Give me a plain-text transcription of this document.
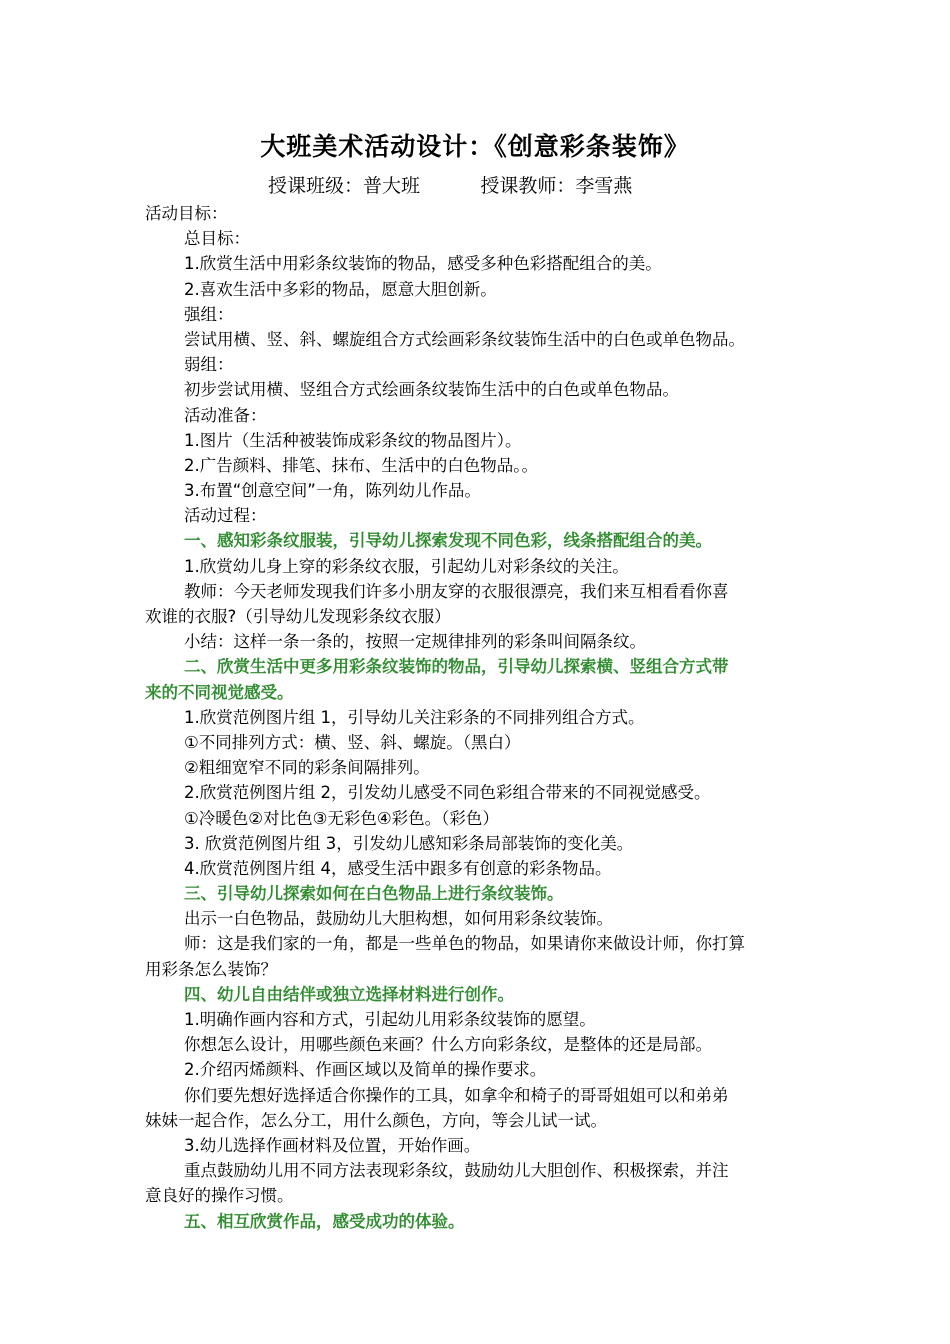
大班美术活动设计：《创意彩条装饰》
授课班级：普大班	授课教师：李雪燕
活动目标：
总目标：
1.欣赏生活中用彩条纹装饰的物品，感受多种色彩搭配组合的美。
2.喜欢生活中多彩的物品，愿意大胆创新。
强组：
尝试用横、竖、斜、螺旋组合方式绘画彩条纹装饰生活中的白色或单色物品。
弱组：
初步尝试用横、竖组合方式绘画条纹装饰生活中的白色或单色物品。
活动准备：
1.图片（生活种被装饰成彩条纹的物品图片）。
2.广告颜料、排笔、抹布、生活中的白色物品。。
3.布置“创意空间”一角，陈列幼儿作品。
活动过程：
一、感知彩条纹服装，引导幼儿探索发现不同色彩，线条搭配组合的美。
1.欣赏幼儿身上穿的彩条纹衣服，引起幼儿对彩条纹的关注。
教师：今天老师发现我们许多小朋友穿的衣服很漂亮，我们来互相看看你喜
欢谁的衣服?（引导幼儿发现彩条纹衣服）
小结：这样一条一条的，按照一定规律排列的彩条叫间隔条纹。
二、欣赏生活中更多用彩条纹装饰的物品，引导幼儿探索横、竖组合方式带
来的不同视觉感受。
1.欣赏范例图片组 1，引导幼儿关注彩条的不同排列组合方式。
①不同排列方式：横、竖、斜、螺旋。（黑白）
②粗细宽窄不同的彩条间隔排列。
2.欣赏范例图片组 2，引发幼儿感受不同色彩组合带来的不同视觉感受。
①冷暖色②对比色③无彩色④彩色。（彩色）
3. 欣赏范例图片组 3，引发幼儿感知彩条局部装饰的变化美。
4.欣赏范例图片组 4，感受生活中跟多有创意的彩条物品。
三、引导幼儿探索如何在白色物品上进行条纹装饰。
出示一白色物品，鼓励幼儿大胆构想，如何用彩条纹装饰。
师：这是我们家的一角，都是一些单色的物品，如果请你来做设计师，你打算
用彩条怎么装饰？
四、幼儿自由结伴或独立选择材料进行创作。
1.明确作画内容和方式，引起幼儿用彩条纹装饰的愿望。
你想怎么设计，用哪些颜色来画？什么方向彩条纹，是整体的还是局部。
2.介绍丙烯颜料、作画区域以及简单的操作要求。
你们要先想好选择适合你操作的工具，如拿伞和椅子的哥哥姐姐可以和弟弟
妹妹一起合作，怎么分工，用什么颜色，方向，等会儿试一试。
3.幼儿选择作画材料及位置，开始作画。
重点鼓励幼儿用不同方法表现彩条纹，鼓励幼儿大胆创作、积极探索，并注
意良好的操作习惯。
五、相互欣赏作品，感受成功的体验。
